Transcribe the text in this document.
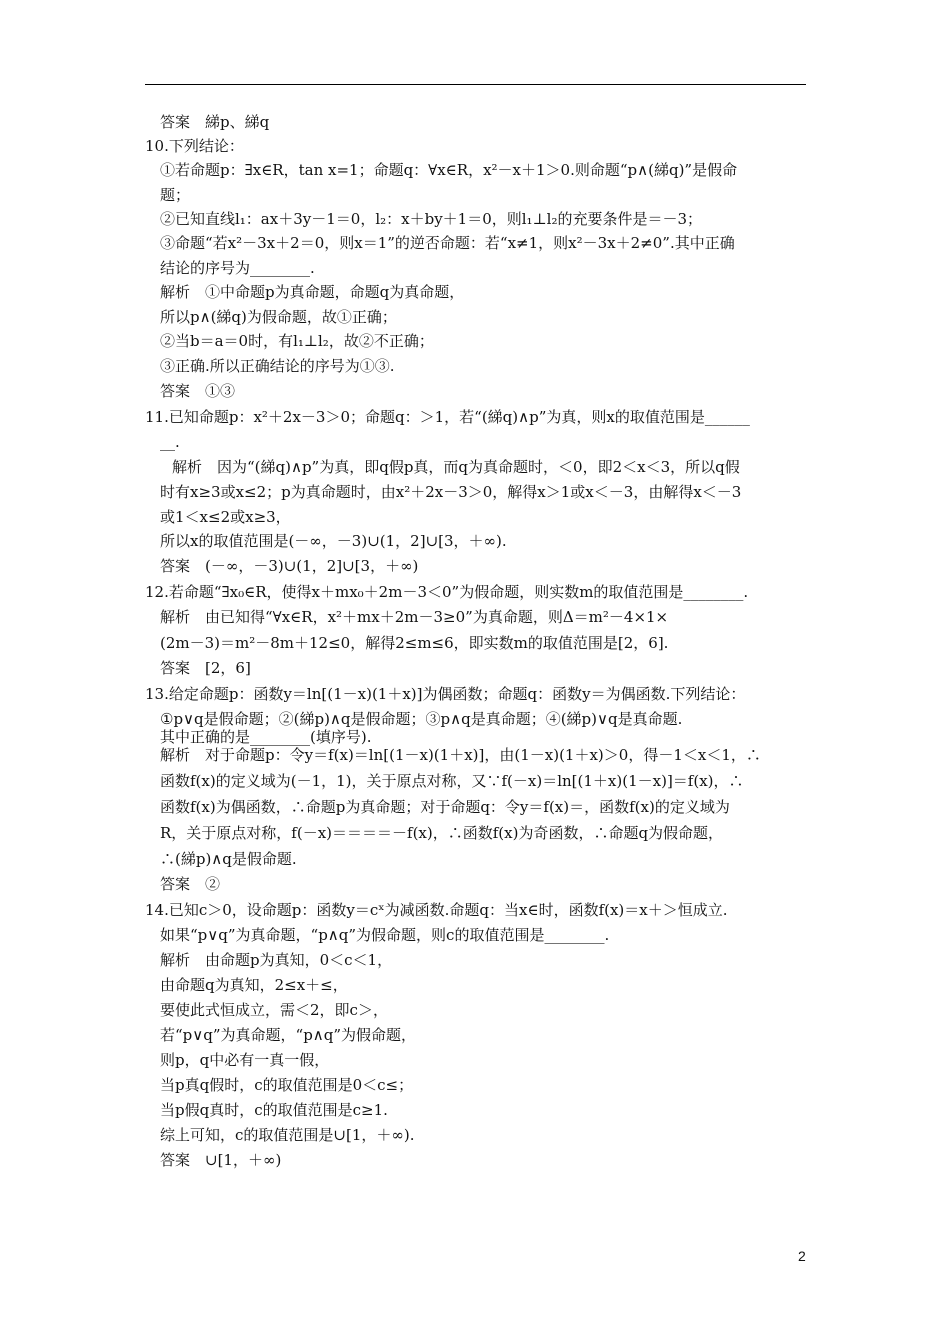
答案　綈p、綈q
10.下列结论：
①若命题p：∃x∈R，tan x=1；命题q：∀x∈R，x²－x＋1＞0.则命题“p∧(綈q)”是假命
题；
②已知直线l₁：ax＋3y－1＝0，l₂：x＋by＋1＝0，则l₁⊥l₂的充要条件是＝－3；
③命题“若x²－3x＋2＝0，则x＝1”的逆否命题：若“x≠1，则x²－3x＋2≠0”.其中正确
结论的序号为________.
解析　①中命题p为真命题，命题q为真命题，
所以p∧(綈q)为假命题，故①正确；
②当b＝a＝0时，有l₁⊥l₂，故②不正确；
③正确.所以正确结论的序号为①③.
答案　①③
11.已知命题p：x²＋2x－3＞0；命题q：＞1，若“(綈q)∧p”为真，则x的取值范围是______
__.
解析　因为“(綈q)∧p”为真，即q假p真，而q为真命题时，＜0，即2＜x＜3，所以q假
时有x≥3或x≤2；p为真命题时，由x²＋2x－3＞0，解得x＞1或x＜－3，由解得x＜－3
或1＜x≤2或x≥3，
所以x的取值范围是(－∞，－3)∪(1，2]∪[3，＋∞).
答案　(－∞，－3)∪(1，2]∪[3，＋∞)
12.若命题“∃x₀∈R，使得x＋mx₀＋2m－3＜0”为假命题，则实数m的取值范围是________.
解析　由已知得“∀x∈R，x²＋mx＋2m－3≥0”为真命题，则Δ＝m²－4×1×
(2m－3)＝m²－8m＋12≤0，解得2≤m≤6，即实数m的取值范围是[2，6].
答案　[2，6]
13.给定命题p：函数y＝ln[(1－x)(1＋x)]为偶函数；命题q：函数y＝为偶函数.下列结论：
①p∨q是假命题；②(綈p)∧q是假命题；③p∧q是真命题；④(綈p)∨q是真命题.
其中正确的是________(填序号).
解析　对于命题p：令y＝f(x)＝ln[(1－x)(1＋x)]，由(1－x)(1＋x)＞0，得－1＜x＜1，∴
函数f(x)的定义域为(－1，1)，关于原点对称，又∵f(－x)＝ln[(1＋x)(1－x)]＝f(x)，∴
函数f(x)为偶函数，∴命题p为真命题；对于命题q：令y＝f(x)＝，函数f(x)的定义域为
R，关于原点对称，f(－x)＝＝＝＝－f(x)，∴函数f(x)为奇函数，∴命题q为假命题，
∴(綈p)∧q是假命题.
答案　②
14.已知c＞0，设命题p：函数y＝cˣ为减函数.命题q：当x∈时，函数f(x)＝x＋＞恒成立.
如果“p∨q”为真命题，“p∧q”为假命题，则c的取值范围是________.
解析　由命题p为真知，0＜c＜1，
由命题q为真知，2≤x＋≤，
要使此式恒成立，需＜2，即c＞，
若“p∨q”为真命题，“p∧q”为假命题，
则p，q中必有一真一假，
当p真q假时，c的取值范围是0＜c≤；
当p假q真时，c的取值范围是c≥1.
综上可知，c的取值范围是∪[1，＋∞).
答案　∪[1，＋∞)
2
